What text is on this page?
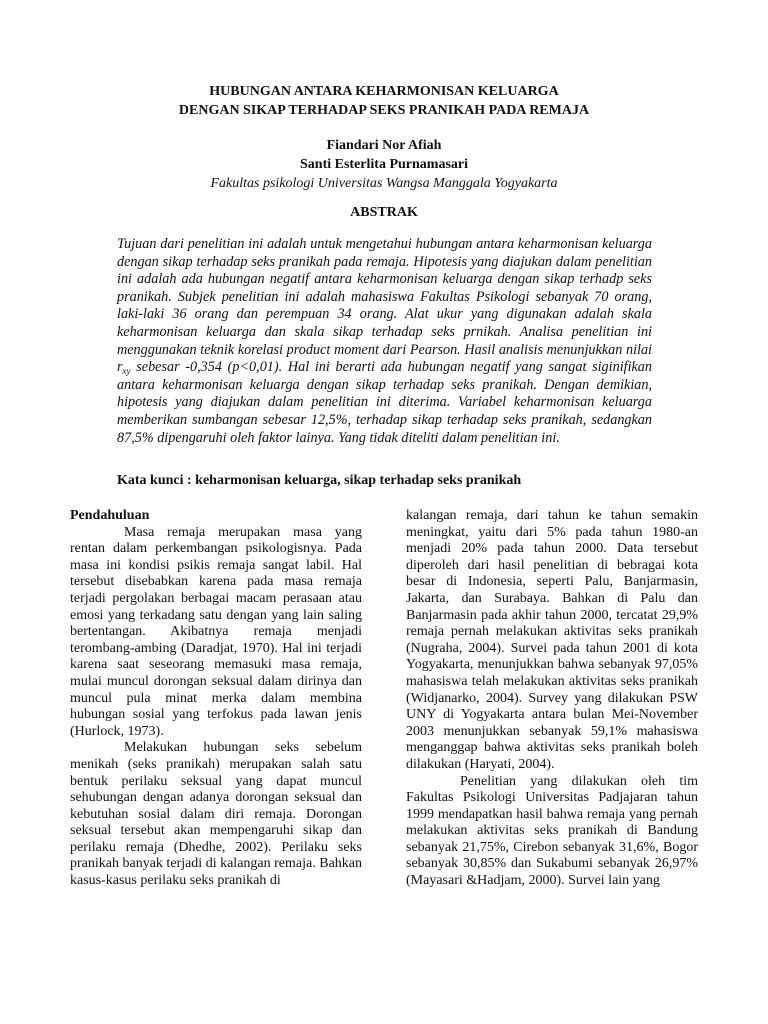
HUBUNGAN ANTARA KEHARMONISAN KELUARGA
DENGAN SIKAP TERHADAP SEKS PRANIKAH PADA REMAJA
Fiandari Nor Afiah
Santi Esterlita Purnamasari
Fakultas psikologi Universitas Wangsa Manggala Yogyakarta
ABSTRAK

Tujuan dari penelitian ini adalah untuk mengetahui hubungan antara keharmonisan keluarga dengan sikap terhadap seks pranikah pada remaja. Hipotesis yang diajukan dalam penelitian ini adalah ada hubungan negatif antara keharmonisan keluarga dengan sikap terhadp seks pranikah. Subjek penelitian ini adalah mahasiswa Fakultas Psikologi sebanyak 70 orang, laki-laki 36 orang dan perempuan 34 orang. Alat ukur yang digunakan adalah skala keharmonisan keluarga dan skala sikap terhadap seks prnikah. Analisa penelitian ini menggunakan teknik korelasi product moment dari Pearson. Hasil analisis menunjukkan nilai $r_{xy}$ sebesar -0,354 (p<0,01). Hal ini berarti ada hubungan negatif yang sangat siginifikan antara keharmonisan keluarga dengan sikap terhadap seks pranikah. Dengan demikian, hipotesis yang diajukan dalam penelitian ini diterima. Variabel keharmonisan keluarga memberikan sumbangan sebesar 12,5%, terhadap sikap terhadap seks pranikah, sedangkan 87,5% dipengaruhi oleh faktor lainya. Yang tidak diteliti dalam penelitian ini.

Kata kunci : keharmonisan keluarga, sikap terhadap seks pranikah

Pendahuluan

Masa remaja merupakan masa yang rentan dalam perkembangan psikologisnya. Pada masa ini kondisi psikis remaja sangat labil. Hal tersebut disebabkan karena pada masa remaja terjadi pergolakan berbagai macam perasaan atau emosi yang terkadang satu dengan yang lain saling bertentangan. Akibatnya remaja menjadi terombang-ambing (Daradjat, 1970). Hal ini terjadi karena saat seseorang memasuki masa remaja, mulai muncul dorongan seksual dalam dirinya dan muncul pula minat merka dalam membina hubungan sosial yang terfokus pada lawan jenis (Hurlock, 1973).

Melakukan hubungan seks sebelum menikah (seks pranikah) merupakan salah satu bentuk perilaku seksual yang dapat muncul sehubungan dengan adanya dorongan seksual dan kebutuhan sosial dalam diri remaja. Dorongan seksual tersebut akan mempengaruhi sikap dan perilaku remaja (Dhedhe, 2002). Perilaku seks pranikah banyak terjadi di kalangan remaja. Bahkan kasus-kasus perilaku seks pranikah di

kalangan remaja, dari tahun ke tahun semakin meningkat, yaitu dari 5% pada tahun 1980-an menjadi 20% pada tahun 2000. Data tersebut diperoleh dari hasil penelitian di bebragai kota besar di Indonesia, seperti Palu, Banjarmasin, Jakarta, dan Surabaya. Bahkan di Palu dan Banjarmasin pada akhir tahun 2000, tercatat 29,9% remaja pernah melakukan aktivitas seks pranikah (Nugraha, 2004). Survei pada tahun 2001 di kota Yogyakarta, menunjukkan bahwa sebanyak 97,05% mahasiswa telah melakukan aktivitas seks pranikah (Widjanarko, 2004). Survey yang dilakukan PSW UNY di Yogyakarta antara bulan Mei-November 2003 menunjukkan sebanyak 59,1% mahasiswa menganggap bahwa aktivitas seks pranikah boleh dilakukan (Haryati, 2004).

Penelitian yang dilakukan oleh tim Fakultas Psikologi Universitas Padjajaran tahun 1999 mendapatkan hasil bahwa remaja yang pernah melakukan aktivitas seks pranikah di Bandung sebanyak 21,75%, Cirebon sebanyak 31,6%, Bogor sebanyak 30,85% dan Sukabumi sebanyak 26,97% (Mayasari &Hadjam, 2000). Survei lain yang
